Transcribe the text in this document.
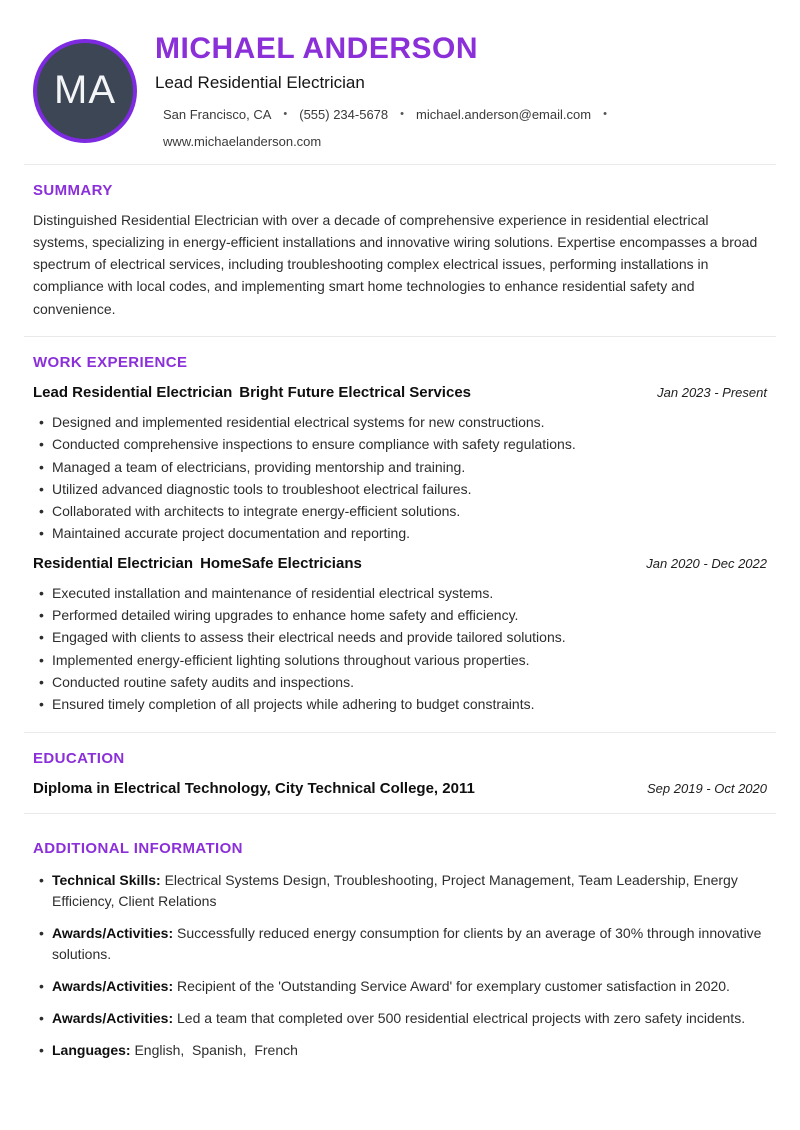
MA
MICHAEL ANDERSON
Lead Residential Electrician
San Francisco, CA • (555) 234-5678 • michael.anderson@email.com •
www.michaelanderson.com
SUMMARY

Distinguished Residential Electrician with over a decade of comprehensive experience in residential electrical systems, specializing in energy-efficient installations and innovative wiring solutions. Expertise encompasses a broad spectrum of electrical services, including troubleshooting complex electrical issues, performing installations in compliance with local codes, and implementing smart home technologies to enhance residential safety and convenience.

WORK EXPERIENCE
Lead Residential Electrician Bright Future Electrical Services	Jan 2023 - Present
• Designed and implemented residential electrical systems for new constructions.
• Conducted comprehensive inspections to ensure compliance with safety regulations.
• Managed a team of electricians, providing mentorship and training.
• Utilized advanced diagnostic tools to troubleshoot electrical failures.
• Collaborated with architects to integrate energy-efficient solutions.
• Maintained accurate project documentation and reporting.
Residential Electrician HomeSafe Electricians	Jan 2020 - Dec 2022
• Executed installation and maintenance of residential electrical systems.
• Performed detailed wiring upgrades to enhance home safety and efficiency.
• Engaged with clients to assess their electrical needs and provide tailored solutions.
• Implemented energy-efficient lighting solutions throughout various properties.
• Conducted routine safety audits and inspections.
• Ensured timely completion of all projects while adhering to budget constraints.
EDUCATION
Diploma in Electrical Technology, City Technical College, 2011	Sep 2019 - Oct 2020
ADDITIONAL INFORMATION
• Technical Skills: Electrical Systems Design, Troubleshooting, Project Management, Team Leadership, Energy Efficiency, Client Relations
• Awards/Activities: Successfully reduced energy consumption for clients by an average of 30% through innovative solutions.
• Awards/Activities: Recipient of the 'Outstanding Service Award' for exemplary customer satisfaction in 2020.
• Awards/Activities: Led a team that completed over 500 residential electrical projects with zero safety incidents.
• Languages: English,  Spanish,  French
